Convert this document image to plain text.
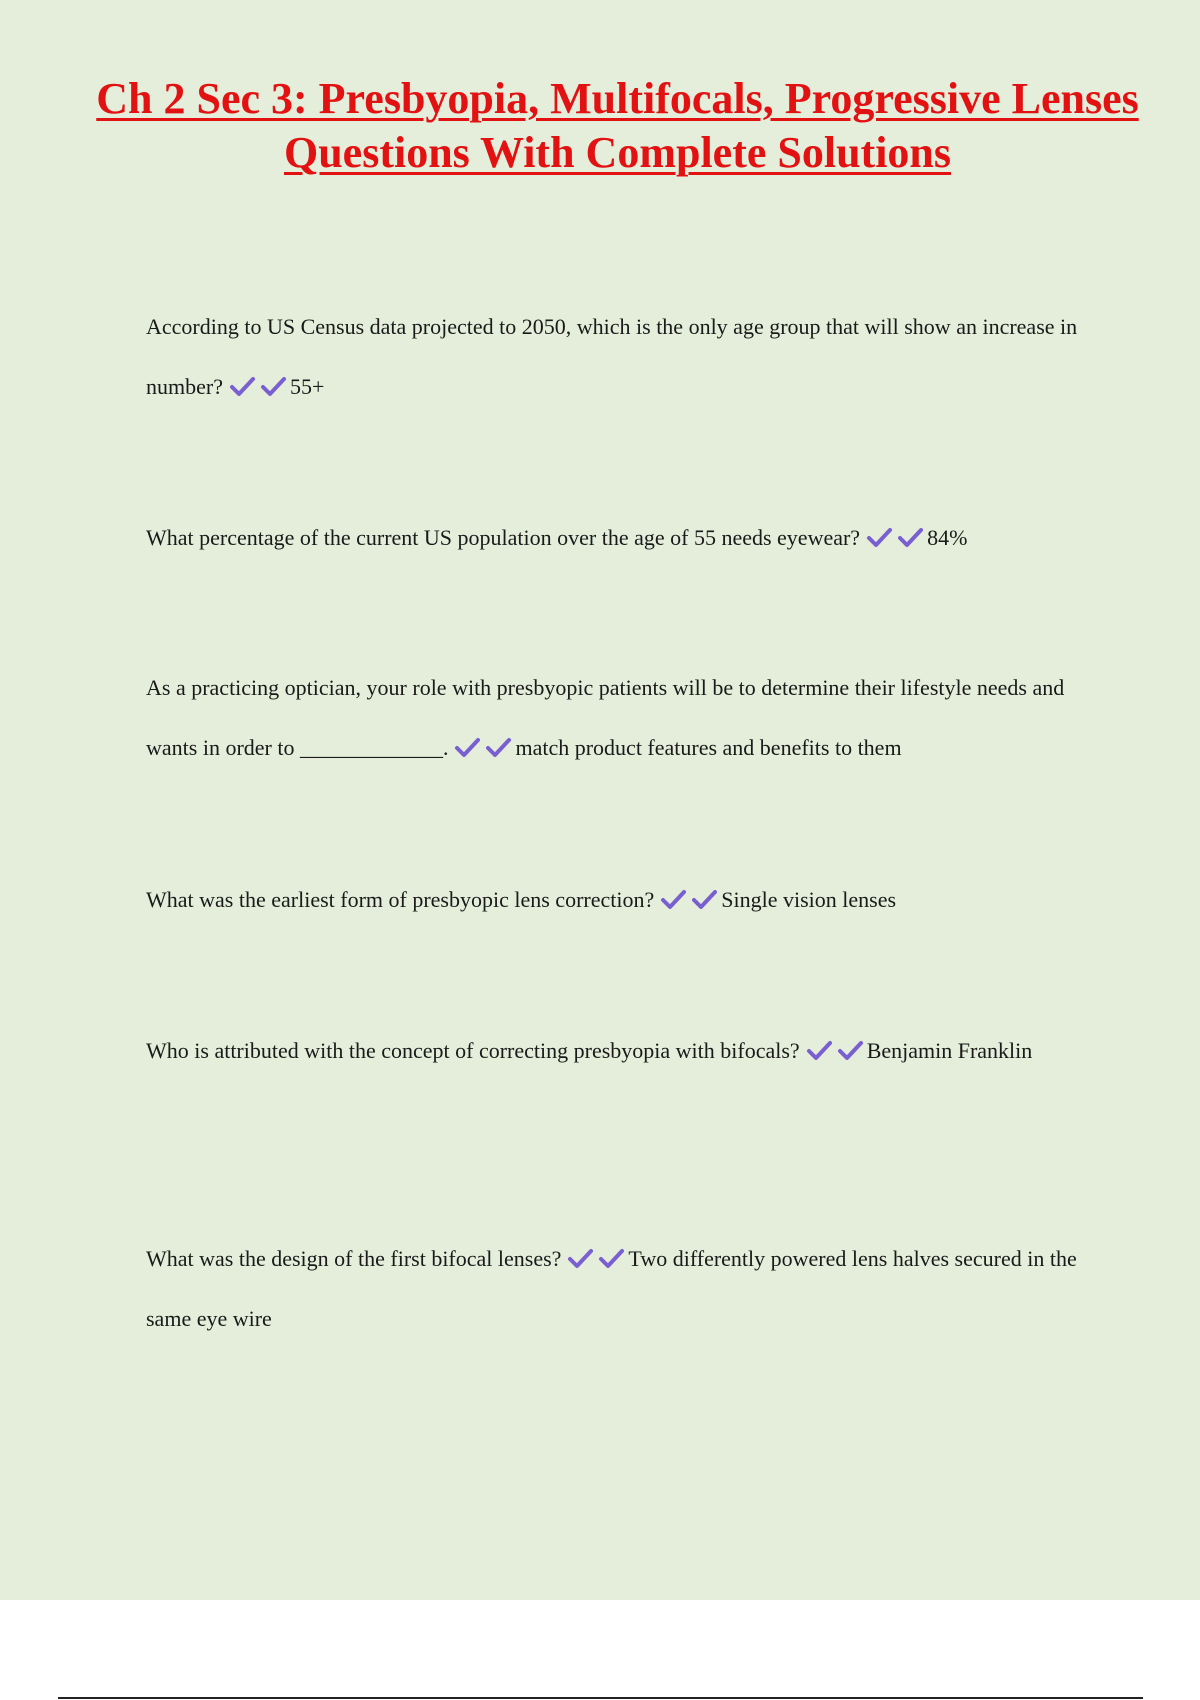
Ch 2 Sec 3: Presbyopia, Multifocals, Progressive Lenses Questions With Complete Solutions

According to US Census data projected to 2050, which is the only age group that will show an increase in number?	55+

What percentage of the current US population over the age of 55 needs eyewear?	84%

As a practicing optician, your role with presbyopic patients will be to determine their lifestyle needs and wants in order to _____________.	match product features and benefits to them

What was the earliest form of presbyopic lens correction?	Single vision lenses

Who is attributed with the concept of correcting presbyopia with bifocals?	Benjamin Franklin

What was the design of the first bifocal lenses?	Two differently powered lens halves secured in the same eye wire
